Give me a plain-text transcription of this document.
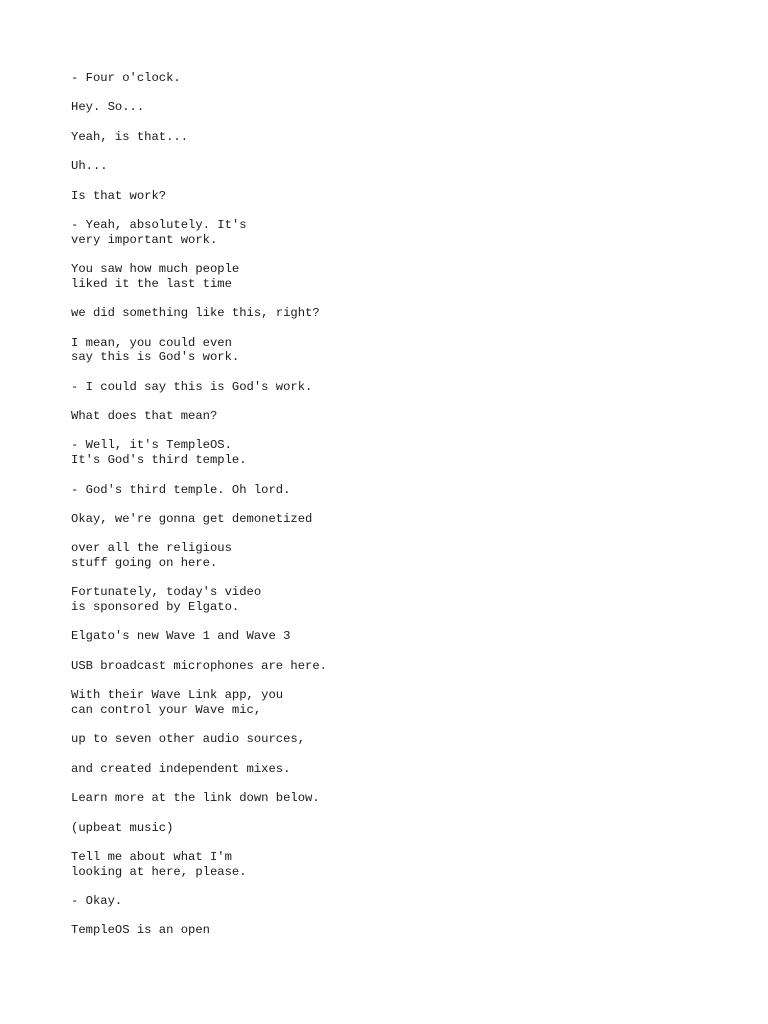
- Four o'clock.
Hey. So...
Yeah, is that...
Uh...
Is that work?
- Yeah, absolutely. It's
very important work.
You saw how much people
liked it the last time
we did something like this, right?
I mean, you could even
say this is God's work.
- I could say this is God's work.
What does that mean?
- Well, it's TempleOS.
It's God's third temple.
- God's third temple. Oh lord.
Okay, we're gonna get demonetized
over all the religious
stuff going on here.
Fortunately, today's video
is sponsored by Elgato.
Elgato's new Wave 1 and Wave 3
USB broadcast microphones are here.
With their Wave Link app, you
can control your Wave mic,
up to seven other audio sources,
and created independent mixes.
Learn more at the link down below.
(upbeat music)
Tell me about what I'm
looking at here, please.
- Okay.
TempleOS is an open
